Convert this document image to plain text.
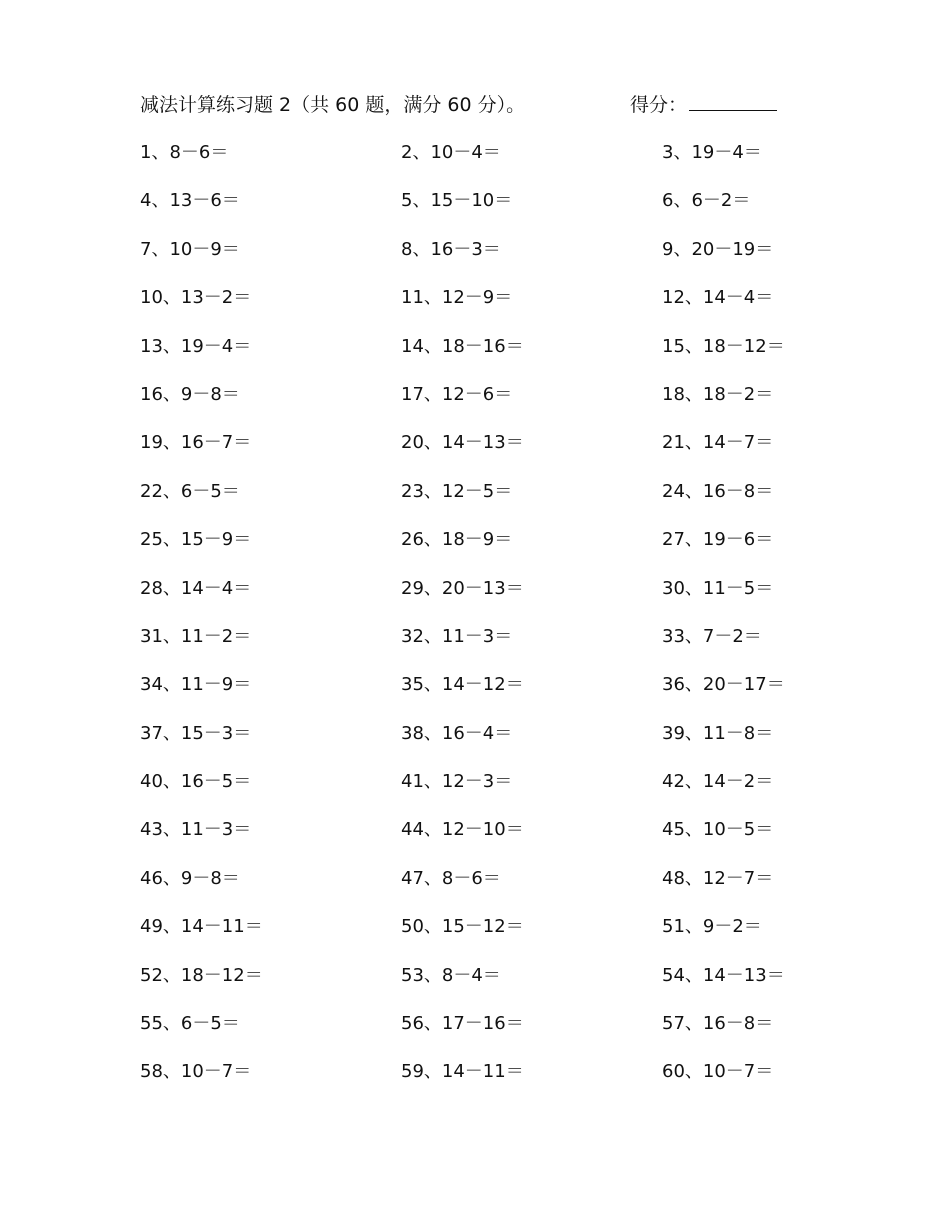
减法计算练习题 2（共 60 题，满分 60 分）。	得分：
1、8－6＝	2、10－4＝	3、19－4＝
4、13－6＝	5、15－10＝	6、6－2＝
7、10－9＝	8、16－3＝	9、20－19＝
10、13－2＝	11、12－9＝	12、14－4＝
13、19－4＝	14、18－16＝	15、18－12＝
16、9－8＝	17、12－6＝	18、18－2＝
19、16－7＝	20、14－13＝	21、14－7＝
22、6－5＝	23、12－5＝	24、16－8＝
25、15－9＝	26、18－9＝	27、19－6＝
28、14－4＝	29、20－13＝	30、11－5＝
31、11－2＝	32、11－3＝	33、7－2＝
34、11－9＝	35、14－12＝	36、20－17＝
37、15－3＝	38、16－4＝	39、11－8＝
40、16－5＝	41、12－3＝	42、14－2＝
43、11－3＝	44、12－10＝	45、10－5＝
46、9－8＝	47、8－6＝	48、12－7＝
49、14－11＝	50、15－12＝	51、9－2＝
52、18－12＝	53、8－4＝	54、14－13＝
55、6－5＝	56、17－16＝	57、16－8＝
58、10－7＝	59、14－11＝	60、10－7＝
